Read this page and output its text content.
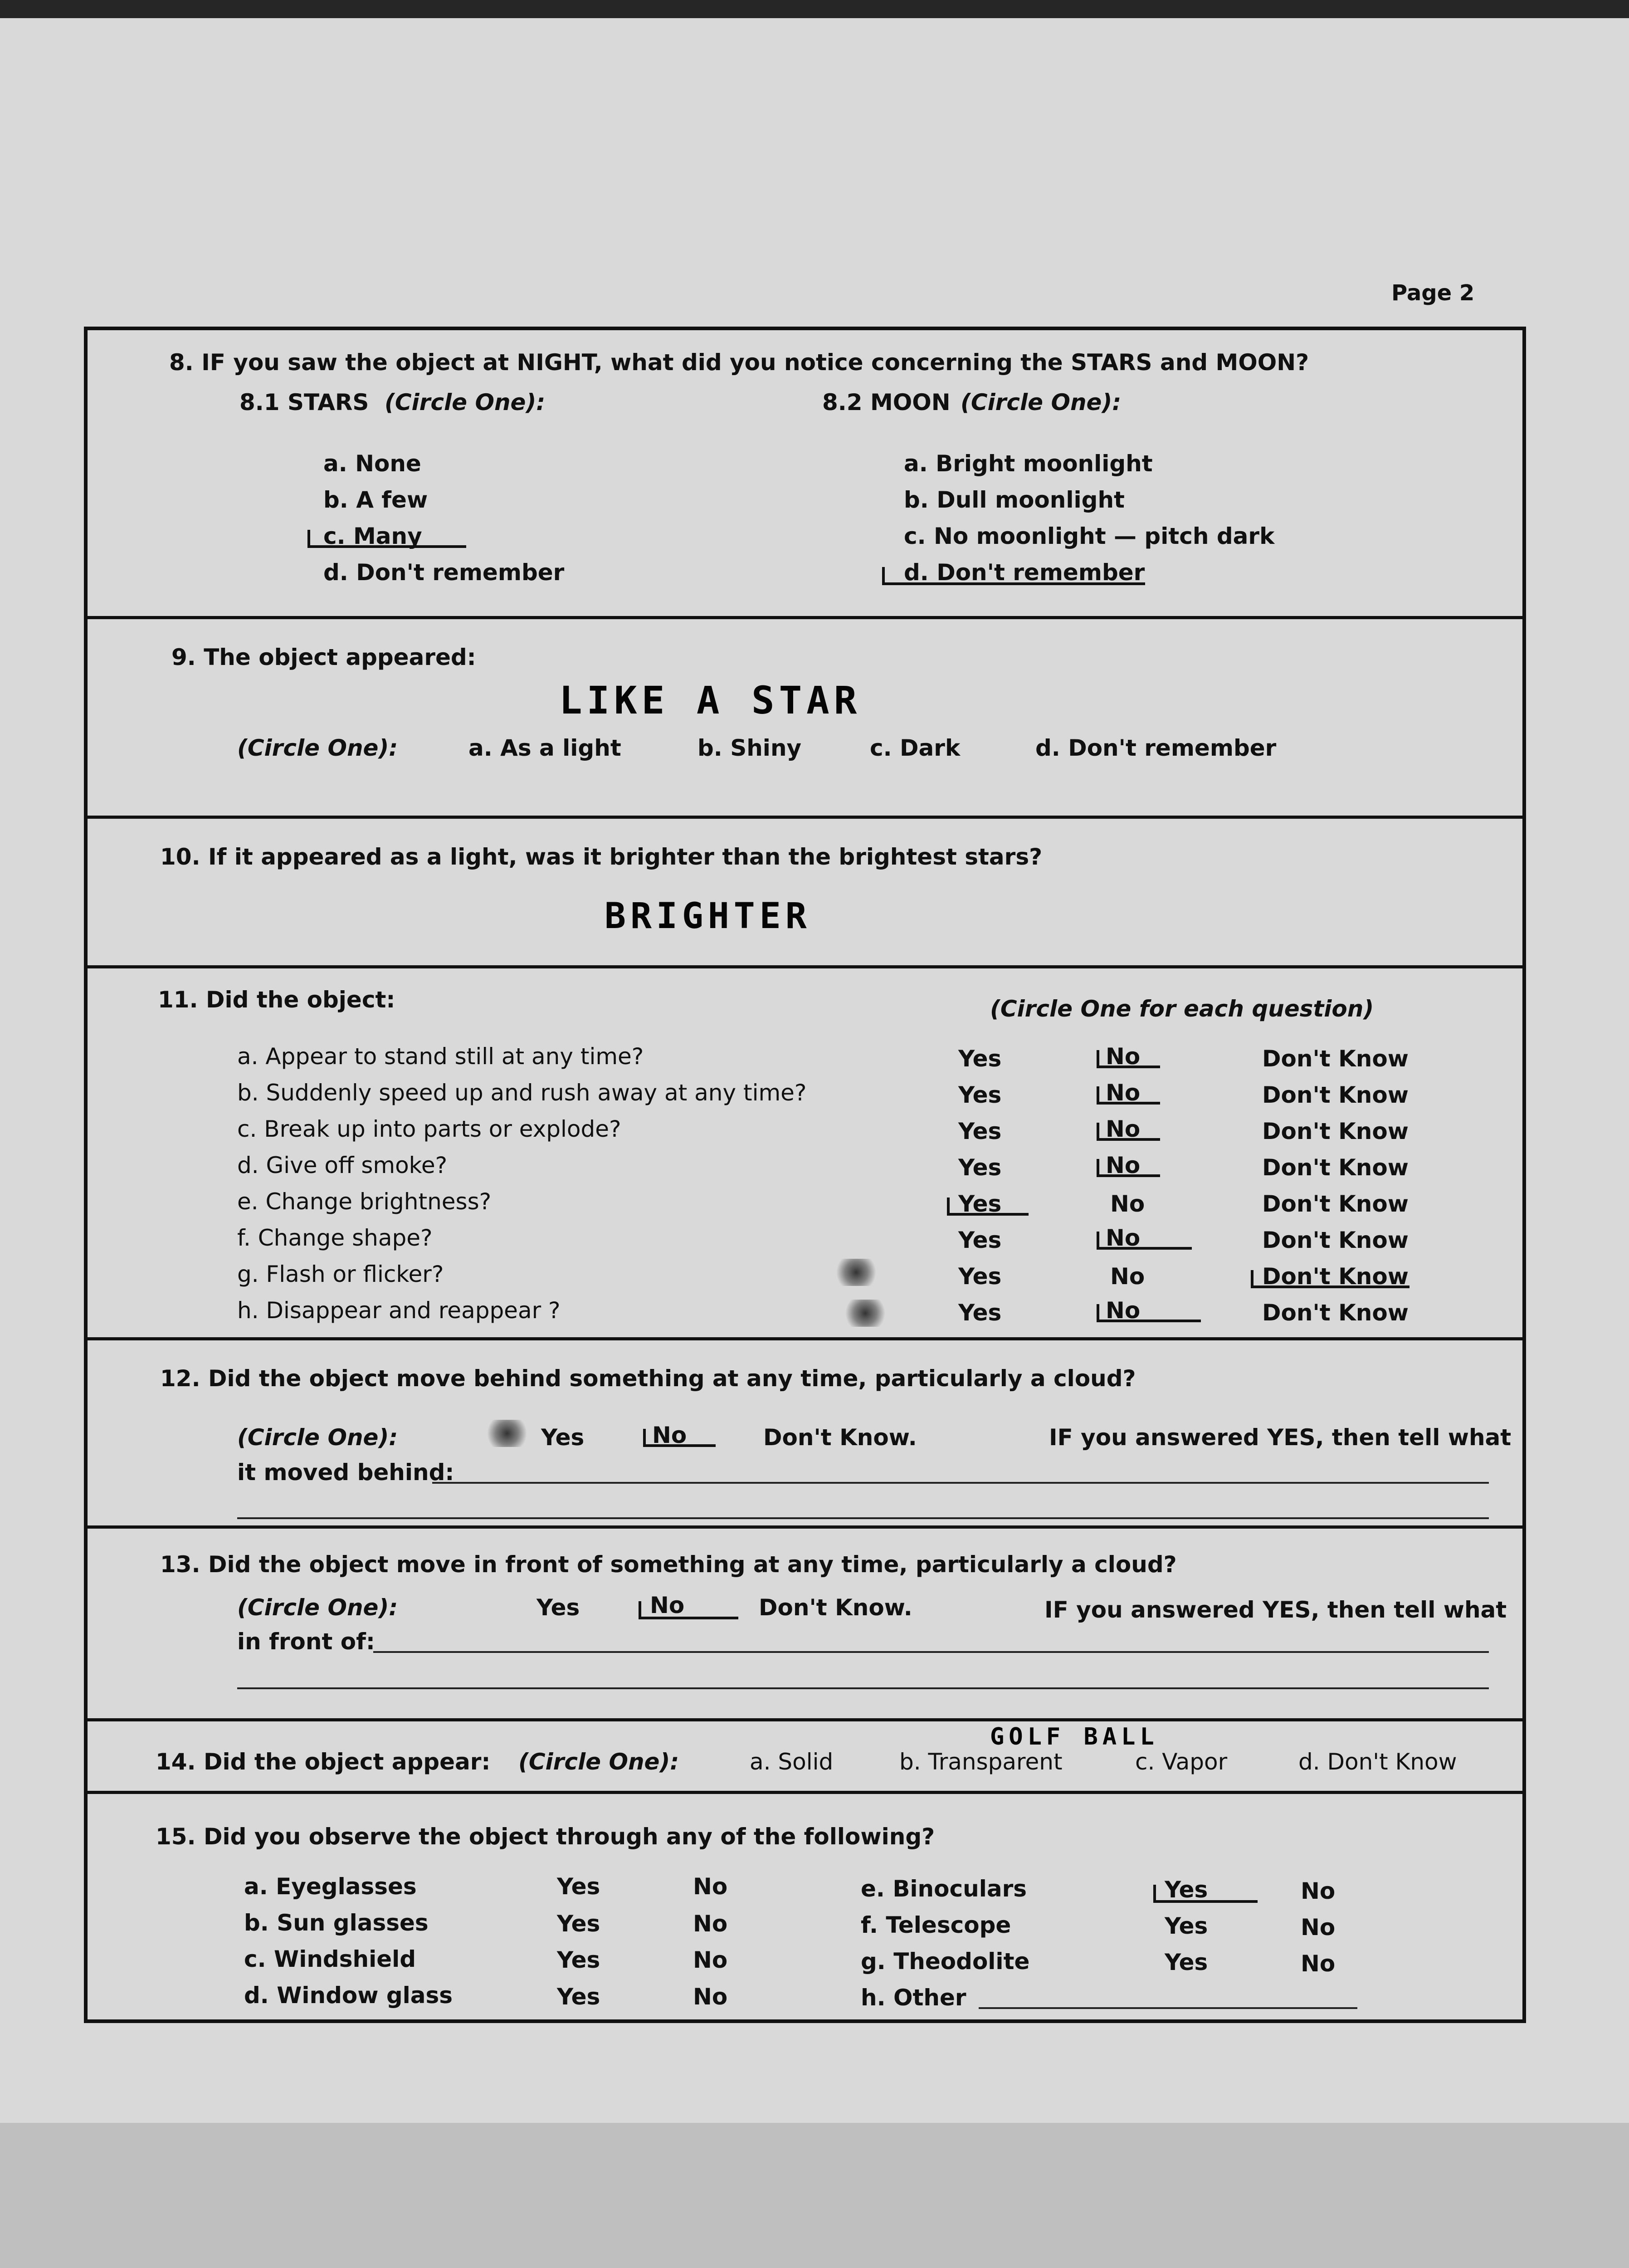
Page 2
8. IF you saw the object at NIGHT, what did you notice concerning the STARS and MOON?
8.1 STARS (Circle One):	8.2 MOON (Circle One):
a. None
b. A few
c. Many
d. Don't remember
a. Bright moonlight
b. Dull moonlight
c. No moonlight — pitch dark
d. Don't remember
9. The object appeared:
LIKE A STAR
(Circle One):	a. As a light	b. Shiny	c. Dark	d. Don't remember
10. If it appeared as a light, was it brighter than the brightest stars?
BRIGHTER
11. Did the object:	(Circle One for each question)
a. Appear to stand still at any time?	Yes	No	Don't Know
b. Suddenly speed up and rush away at any time?	Yes	No	Don't Know
c. Break up into parts or explode?	Yes	No	Don't Know
d. Give off smoke?	Yes	No	Don't Know
e. Change brightness?	Yes	No	Don't Know
f. Change shape?	Yes	No	Don't Know
g. Flash or flicker?	Yes	No	Don't Know
h. Disappear and reappear ?	Yes	No	Don't Know
12. Did the object move behind something at any time, particularly a cloud?
(Circle One):	Yes	No	Don't Know.	IF you answered YES, then tell what
it moved behind:
13. Did the object move in front of something at any time, particularly a cloud?
(Circle One):	Yes	No	Don't Know.	IF you answered YES, then tell what
in front of:
GOLF BALL
14. Did the object appear: (Circle One):	a. Solid	b. Transparent	c. Vapor	d. Don't Know
15. Did you observe the object through any of the following?
a. Eyeglasses	Yes	No
b. Sun glasses	Yes	No
c. Windshield	Yes	No
d. Window glass	Yes	No
e. Binoculars	Yes	No
f. Telescope	Yes	No
g. Theodolite	Yes	No
h. Other
